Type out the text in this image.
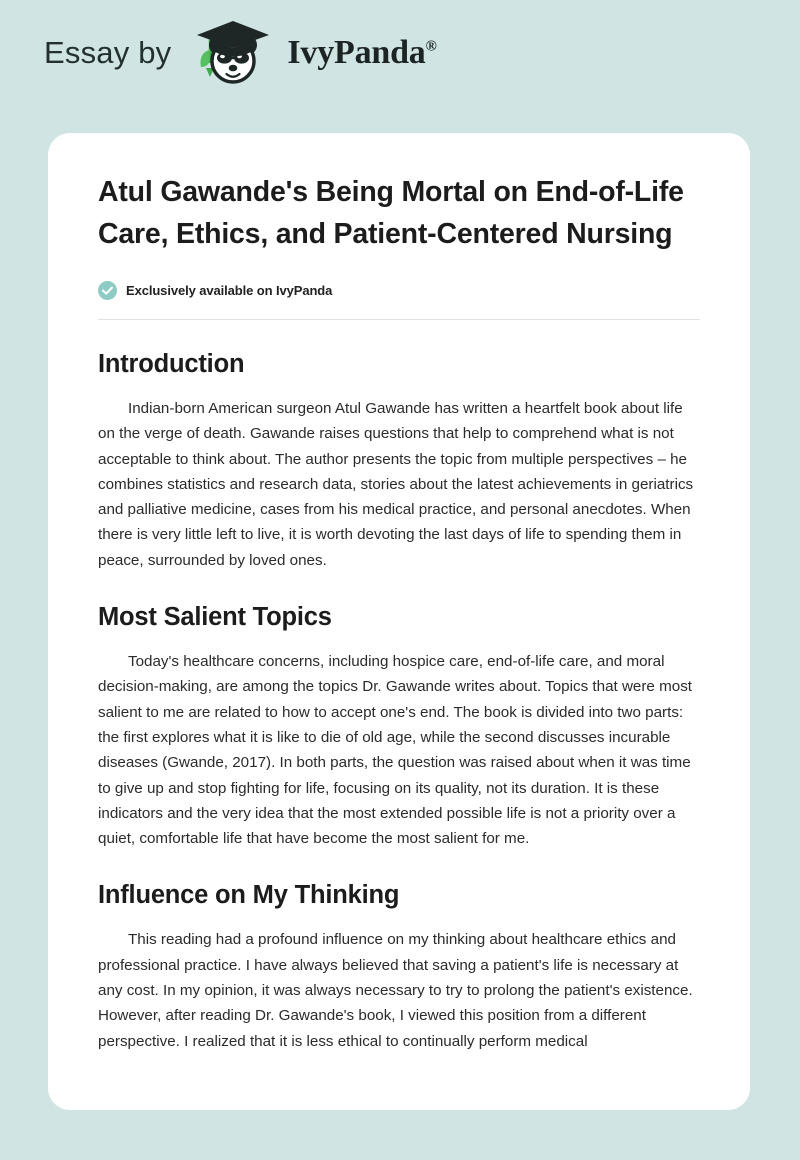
Essay by	IvyPanda®
Atul Gawande's Being Mortal on End-of-Life Care, Ethics, and Patient-Centered Nursing
Exclusively available on IvyPanda
Introduction

Indian-born American surgeon Atul Gawande has written a heartfelt book about life on the verge of death. Gawande raises questions that help to comprehend what is not acceptable to think about. The author presents the topic from multiple perspectives – he combines statistics and research data, stories about the latest achievements in geriatrics and palliative medicine, cases from his medical practice, and personal anecdotes. When there is very little left to live, it is worth devoting the last days of life to spending them in peace, surrounded by loved ones.

Most Salient Topics

Today's healthcare concerns, including hospice care, end-of-life care, and moral decision-making, are among the topics Dr. Gawande writes about. Topics that were most salient to me are related to how to accept one's end. The book is divided into two parts: the first explores what it is like to die of old age, while the second discusses incurable diseases (Gwande, 2017). In both parts, the question was raised about when it was time to give up and stop fighting for life, focusing on its quality, not its duration. It is these indicators and the very idea that the most extended possible life is not a priority over a quiet, comfortable life that have become the most salient for me.

Influence on My Thinking

This reading had a profound influence on my thinking about healthcare ethics and professional practice. I have always believed that saving a patient's life is necessary at any cost. In my opinion, it was always necessary to try to prolong the patient's existence. However, after reading Dr. Gawande's book, I viewed this position from a different perspective. I realized that it is less ethical to continually perform medical
